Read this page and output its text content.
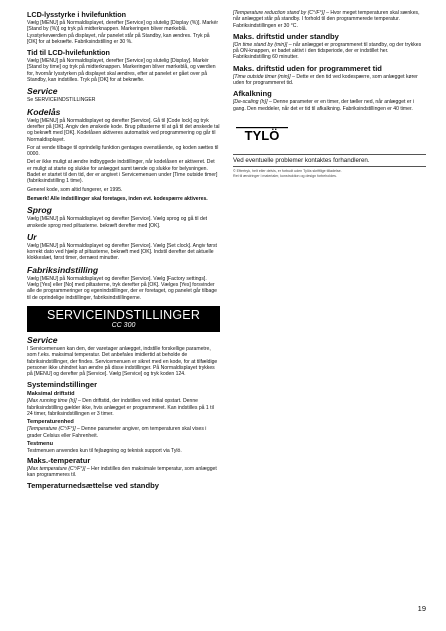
LCD-lysstyrke i hvilefunktion

Vælg [MENU] på Normaldisplayet, derefter [Service] og slutelig [Display (%)]. Markér [Stand by (%)] og tryk på midterknappen. Markeringen bliver mørkeblå. Lysstyrkeværdien på displayet, når panelet står på Standby, kan ændres. Tryk på [OK] for at bekræfte. Fabriksindstilling er 30 %.

Tid til LCD-hvilefunktion

Vælg [MENU] på Normaldisplayet, derefter [Service] og slutelig [Display]. Markér [Stand by time] og tryk på midterknappen. Markeringen bliver mørkeblå, og værdien for, hvornår lysstyrken på displayet skal ændres, efter at panelet er gået over på Standby, kan indstilles. Tryk på [OK] for at bekræfte.

Service

Se SERVICEINDSTILLINGER

Kodelås

Vælg [MENU] på Normaldisplayet og derefter [Service]. Gå til [Code lock] og tryk derefter på [OK]. Angiv den ønskede kode. Brug piltasterne til at gå til det ønskede tal og bekræft med [OK]. Kodelåsen aktiveres automatisk ved programmering og går til Normaldisplayet.

For at vende tilbage til oprindelig funktion gentages ovenstående, og koden sættes til 0000.

Det er ikke muligt at ændre indbyggede indstillinger, når kodelåsen er aktiveret. Det er muligt at starte og slukke for anlægget samt tænde og slukke for belysningen. Badet er startet til den tid, der er angivet i Servicemenuen under [Time outside timer] (fabriksindstilling 1 time).

Generel kode, som altid fungerer, er 1995.

Bemærk! Alle indstillinger skal foretages, inden evt. kodespærre aktiveres.

Sprog

Vælg [MENU] på Normaldisplayet og derefter [Service]. Vælg sprog og gå til det ønskede sprog med piltasterne. bekræft derefter med [OK].

Ur

Vælg [MENU] på Normaldisplayet og derefter [Service]. Vælg [Set clock]. Angiv først korrekt dato ved hjælp af piltasterne, bekræft med [OK]. Indstil derefter det aktuelle klokkeslæt, først timer, dernæst minutter.

Fabriksindstilling

Vælg [MENU] på Normaldisplayet og derefter [Service]. Vælg [Factory settings]. Vælg [Yes] eller [No] med piltasterne, tryk derefter på [OK]. Vælges [Yes] forsvinder alle de programmeringer og egenindstillinger, der er foretaget, og panelet går tilbage til de oprindelige indstillinger, fabriksindstillingerne.

SERVICEINDSTILLINGER
CC 300
Service

I Servicemenuen kan den, der varetager anlægget, indstille forskellige parametre, som f.eks. maksimal temperatur. Det anbefales imidlertid at beholde de fabriksindstillinger, der findes. Servicemenuen er sikret med en kode, for at tilfældige personer ikke uhindret kan ændre på disse indstillinger. På Normaldisplayet trykkes på [MENU] og derefter på [Service]. Vælg [Service] og tryk koden 124.

Systemindstillinger
Maksimal driftstid

[Max running time (h)] – Den driftstid, der indstilles ved initial opstart. Denne fabriksindstilling gælder ikke, hvis anlægget er programmeret. Kan indstilles på 1 til 24 timer, fabriksindstillingen er 3 timer.

Temperaturenhed

[Temperature (C°/F°)] – Denne parameter angiver, om temperaturen skal vises i grader Celsius eller Fahrenheit.

Testmenu

Testmenuen anvendes kun til fejlsøgning og teknisk support via Tylö.

Maks.-temperatur

[Max temperature (C°/F°)] – Her indstilles den maksimale temperatur, som anlægget kan programmeres til.

Temperaturnedsættelse ved standby

[Temperature reduction stand by (C°/F°)] – Hvor meget temperaturen skal sænkes, når anlægget står på standby. I forhold til den programmerede temperatur. Fabriksindstillingen er 30 °C.

Maks. driftstid under standby

[On time stand by (min)] – når anlægget er programmeret til standby, og der trykkes på ON-knappen, er badet aktivt i den tidsperiode, der er indstillet her. Fabriksindstilling 60 minutter.

Maks. driftstid uden for programmeret tid

[Time outside timer (min)] – Dette er den tid ved kodespærre, som anlægget kører uden for programmeret tid.

Afkalkning

[De-scaling (h)] – Denne parameter er en timer, der tæller ned, når anlægget er i gang. Den meddeler, når det er tid til afkalkning. Fabriksindstillingen er 40 timer.

TYLÖ
Ved eventuelle problemer kontaktes forhandleren.
© Eftertryk, helt eller delvis, er forbudt uden Tylös skriftlige tilladelse.
Ret til ændringer i materialer, konstruktion og design forbeholdes.
19
